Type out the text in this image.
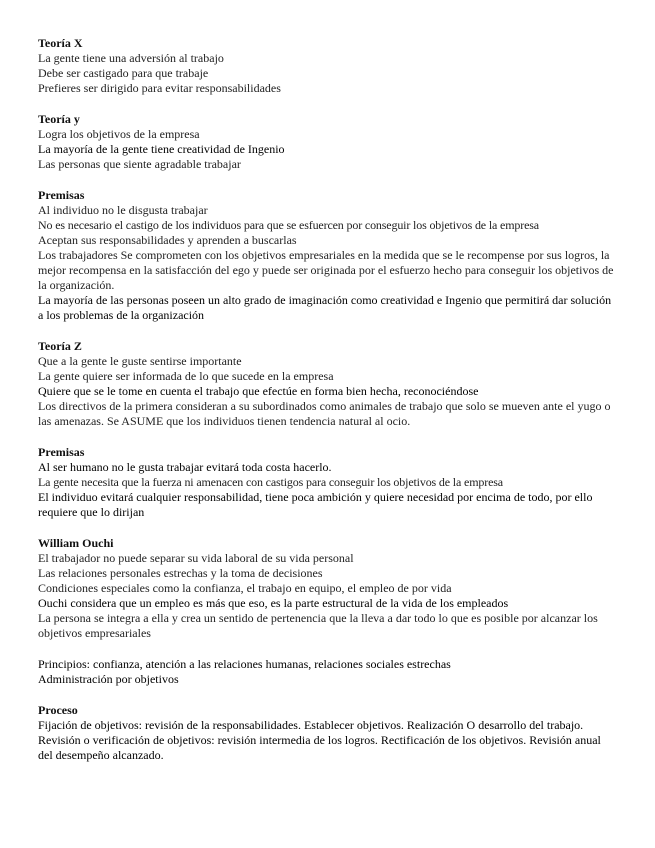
Teoría X

La gente tiene una adversión al trabajo

Debe ser castigado para que trabaje

Prefieres ser dirigido para evitar responsabilidades

Teoría y

Logra los objetivos de la empresa

La mayoría de la gente tiene creatividad de Ingenio

Las personas que siente agradable trabajar

Premisas

Al individuo no le disgusta trabajar

No es necesario el castigo de los individuos para que se esfuercen por conseguir los objetivos de la empresa

Aceptan sus responsabilidades y aprenden a buscarlas

Los trabajadores Se comprometen con los objetivos empresariales en la medida que se le recompense por sus logros, la mejor recompensa en la satisfacción del ego y puede ser originada por el esfuerzo hecho para conseguir los objetivos de la organización.

La mayoría de las personas poseen un alto grado de imaginación como creatividad e Ingenio que permitirá dar solución a los problemas de la organización

Teoría Z

Que a la gente le guste sentirse importante

La gente quiere ser informada de lo que sucede en la empresa

Quiere que se le tome en cuenta el trabajo que efectúe en forma bien hecha, reconociéndose

Los directivos de la primera consideran a su subordinados como animales de trabajo que solo se mueven ante el yugo o las amenazas. Se ASUME que los individuos tienen tendencia natural al ocio.

Premisas

Al ser humano no le gusta trabajar evitará toda costa hacerlo.

La gente necesita que la fuerza ni amenacen con castigos para conseguir los objetivos de la empresa

El individuo evitará cualquier responsabilidad, tiene poca ambición y quiere necesidad por encima de todo, por ello requiere que lo dirijan

William Ouchi

El trabajador no puede separar su vida laboral de su vida personal

Las relaciones personales estrechas y la toma de decisiones

Condiciones especiales como la confianza, el trabajo en equipo, el empleo de por vida

Ouchi considera que un empleo es más que eso, es la parte estructural de la vida de los empleados

La persona se integra a ella y crea un sentido de pertenencia que la lleva a dar todo lo que es posible por alcanzar los objetivos empresariales

Principios: confianza, atención a las relaciones humanas, relaciones sociales estrechas

Administración por objetivos

Proceso

Fijación de objetivos: revisión de la responsabilidades. Establecer objetivos. Realización O desarrollo del trabajo.

Revisión o verificación de objetivos: revisión intermedia de los logros. Rectificación de los objetivos. Revisión anual del desempeño alcanzado.
